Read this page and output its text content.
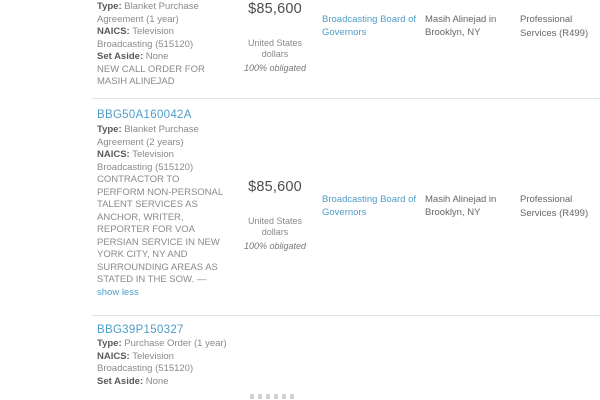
Type: Blanket Purchase Agreement (1 year)
NAICS: Television Broadcasting (515120)
Set Aside: None
NEW CALL ORDER FOR MASIH ALINEJAD
$85,600
United States dollars
100% obligated
Broadcasting Board of Governors
Masih Alinejad in Brooklyn, NY
Professional Services (R499)
BBG50A160042A
Type: Blanket Purchase Agreement (2 years)
NAICS: Television Broadcasting (515120)
CONTRACTOR TO PERFORM NON-PERSONAL TALENT SERVICES AS ANCHOR, WRITER, REPORTER FOR VOA PERSIAN SERVICE IN NEW YORK CITY, NY AND SURROUNDING AREAS AS STATED IN THE SOW. — show less
$85,600
United States dollars
100% obligated
Broadcasting Board of Governors
Masih Alinejad in Brooklyn, NY
Professional Services (R499)
BBG39P150327
Type: Purchase Order (1 year)
NAICS: Television Broadcasting (515120)
Set Aside: None
